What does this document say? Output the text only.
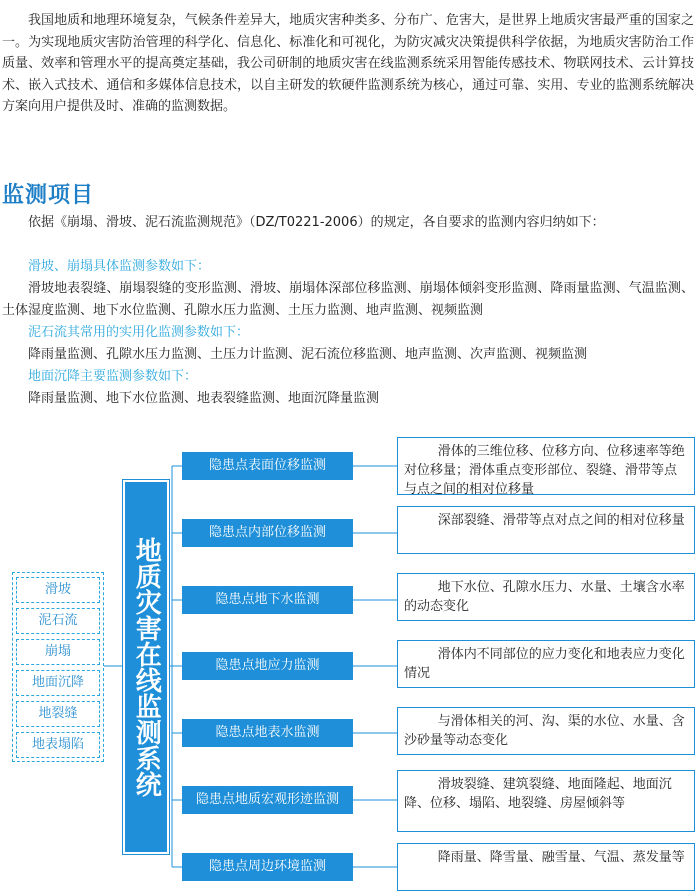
我国地质和地理环境复杂，气候条件差异大，地质灾害种类多、分布广、危害大，是世界上地质灾害最严重的国家之一。为实现地质灾害防治管理的科学化、信息化、标准化和可视化，为防灾减灾决策提供科学依据，为地质灾害防治工作质量、效率和管理水平的提高奠定基础，我公司研制的地质灾害在线监测系统采用智能传感技术、物联网技术、云计算技术、嵌入式技术、通信和多媒体信息技术，以自主研发的软硬件监测系统为核心，通过可靠、实用、专业的监测系统解决方案向用户提供及时、准确的监测数据。

监测项目

依据《崩塌、滑坡、泥石流监测规范》（DZ/T0221-2006）的规定，各自要求的监测内容归纳如下：

滑坡、崩塌具体监测参数如下：
滑坡地表裂缝、崩塌裂缝的变形监测、滑坡、崩塌体深部位移监测、崩塌体倾斜变形监测、降雨量监测、气温监测、土体湿度监测、地下水位监测、孔隙水压力监测、土压力监测、地声监测、视频监测
泥石流其常用的实用化监测参数如下：
降雨量监测、孔隙水压力监测、土压力计监测、泥石流位移监测、地声监测、次声监测、视频监测
地面沉降主要监测参数如下：
降雨量监测、地下水位监测、地表裂缝监测、地面沉降量监测
滑坡
泥石流
崩塌
地面沉降
地裂缝
地表塌陷	地质灾害在线监测系统
隐患点表面位移监测
隐患点内部位移监测
隐患点地下水监测
隐患点地应力监测
隐患点地表水监测
隐患点地质宏观形迹监测
隐患点周边环境监测
滑体的三维位移、位移方向、位移速率等绝对位移量；滑体重点变形部位、裂缝、滑带等点与点之间的相对位移量
深部裂缝、滑带等点对点之间的相对位移量
地下水位、孔隙水压力、水量、土壤含水率的动态变化
滑体内不同部位的应力变化和地表应力变化情况
与滑体相关的河、沟、渠的水位、水量、含沙砂量等动态变化
滑坡裂缝、建筑裂缝、地面隆起、地面沉降、位移、塌陷、地裂缝、房屋倾斜等
降雨量、降雪量、融雪量、气温、蒸发量等
